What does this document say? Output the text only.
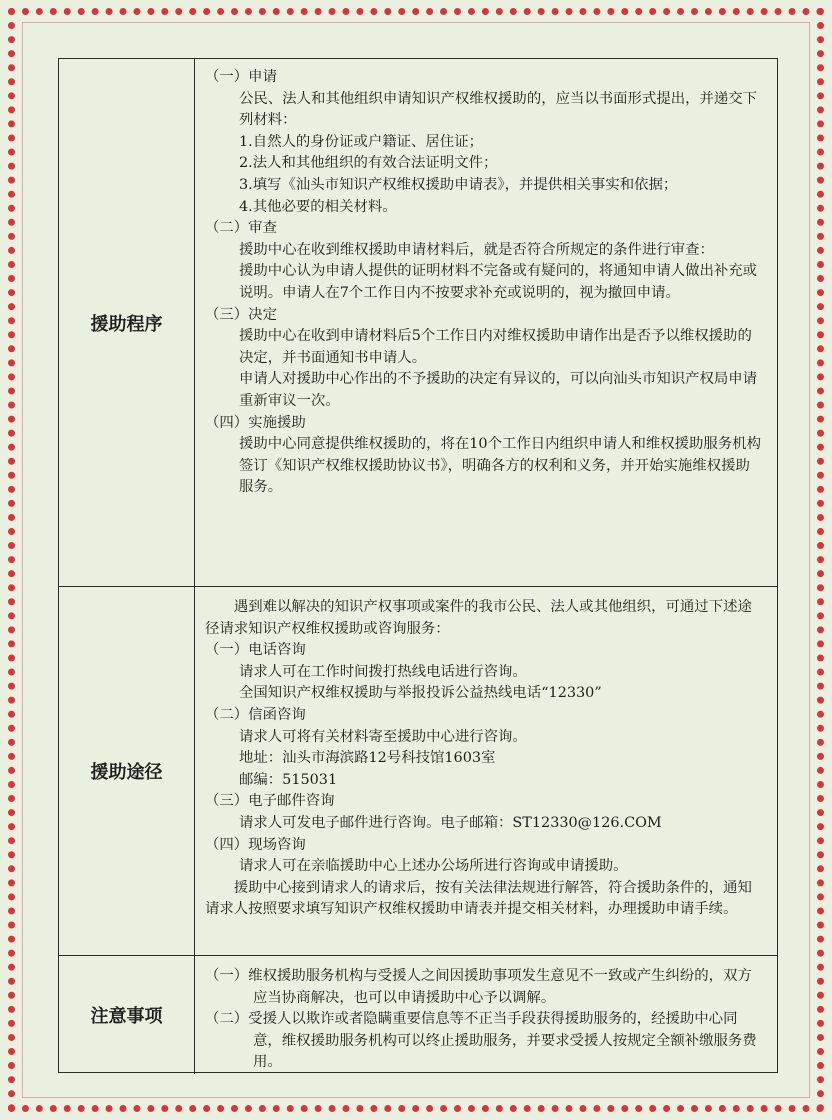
援助程序

（一）申请

公民、法人和其他组织申请知识产权维权援助的，应当以书面形式提出，并递交下列材料：

1.自然人的身份证或户籍证、居住证；

2.法人和其他组织的有效合法证明文件；

3.填写《汕头市知识产权维权援助申请表》，并提供相关事实和依据；

4.其他必要的相关材料。

（二）审查

援助中心在收到维权援助申请材料后，就是否符合所规定的条件进行审查：

援助中心认为申请人提供的证明材料不完备或有疑问的，将通知申请人做出补充或说明。申请人在7个工作日内不按要求补充或说明的，视为撤回申请。

（三）决定

援助中心在收到申请材料后5个工作日内对维权援助申请作出是否予以维权援助的决定，并书面通知书申请人。

申请人对援助中心作出的不予援助的决定有异议的，可以向汕头市知识产权局申请重新审议一次。

（四）实施援助

援助中心同意提供维权援助的，将在10个工作日内组织申请人和维权援助服务机构签订《知识产权维权援助协议书》，明确各方的权利和义务，并开始实施维权援助服务。

援助途径

遇到难以解决的知识产权事项或案件的我市公民、法人或其他组织，可通过下述途径请求知识产权维权援助或咨询服务：

（一）电话咨询

请求人可在工作时间拨打热线电话进行咨询。

全国知识产权维权援助与举报投诉公益热线电话“12330”

（二）信函咨询

请求人可将有关材料寄至援助中心进行咨询。

地址：汕头市海滨路12号科技馆1603室

邮编：515031

（三）电子邮件咨询

请求人可发电子邮件进行咨询。电子邮箱：ST12330@126.COM

（四）现场咨询

请求人可在亲临援助中心上述办公场所进行咨询或申请援助。

援助中心接到请求人的请求后，按有关法律法规进行解答，符合援助条件的，通知请求人按照要求填写知识产权维权援助申请表并提交相关材料，办理援助申请手续。

注意事项

（一）维权援助服务机构与受援人之间因援助事项发生意见不一致或产生纠纷的，双方应当协商解决，也可以申请援助中心予以调解。

（二）受援人以欺诈或者隐瞒重要信息等不正当手段获得援助服务的，经援助中心同意，维权援助服务机构可以终止援助服务，并要求受援人按规定全额补缴服务费用。
